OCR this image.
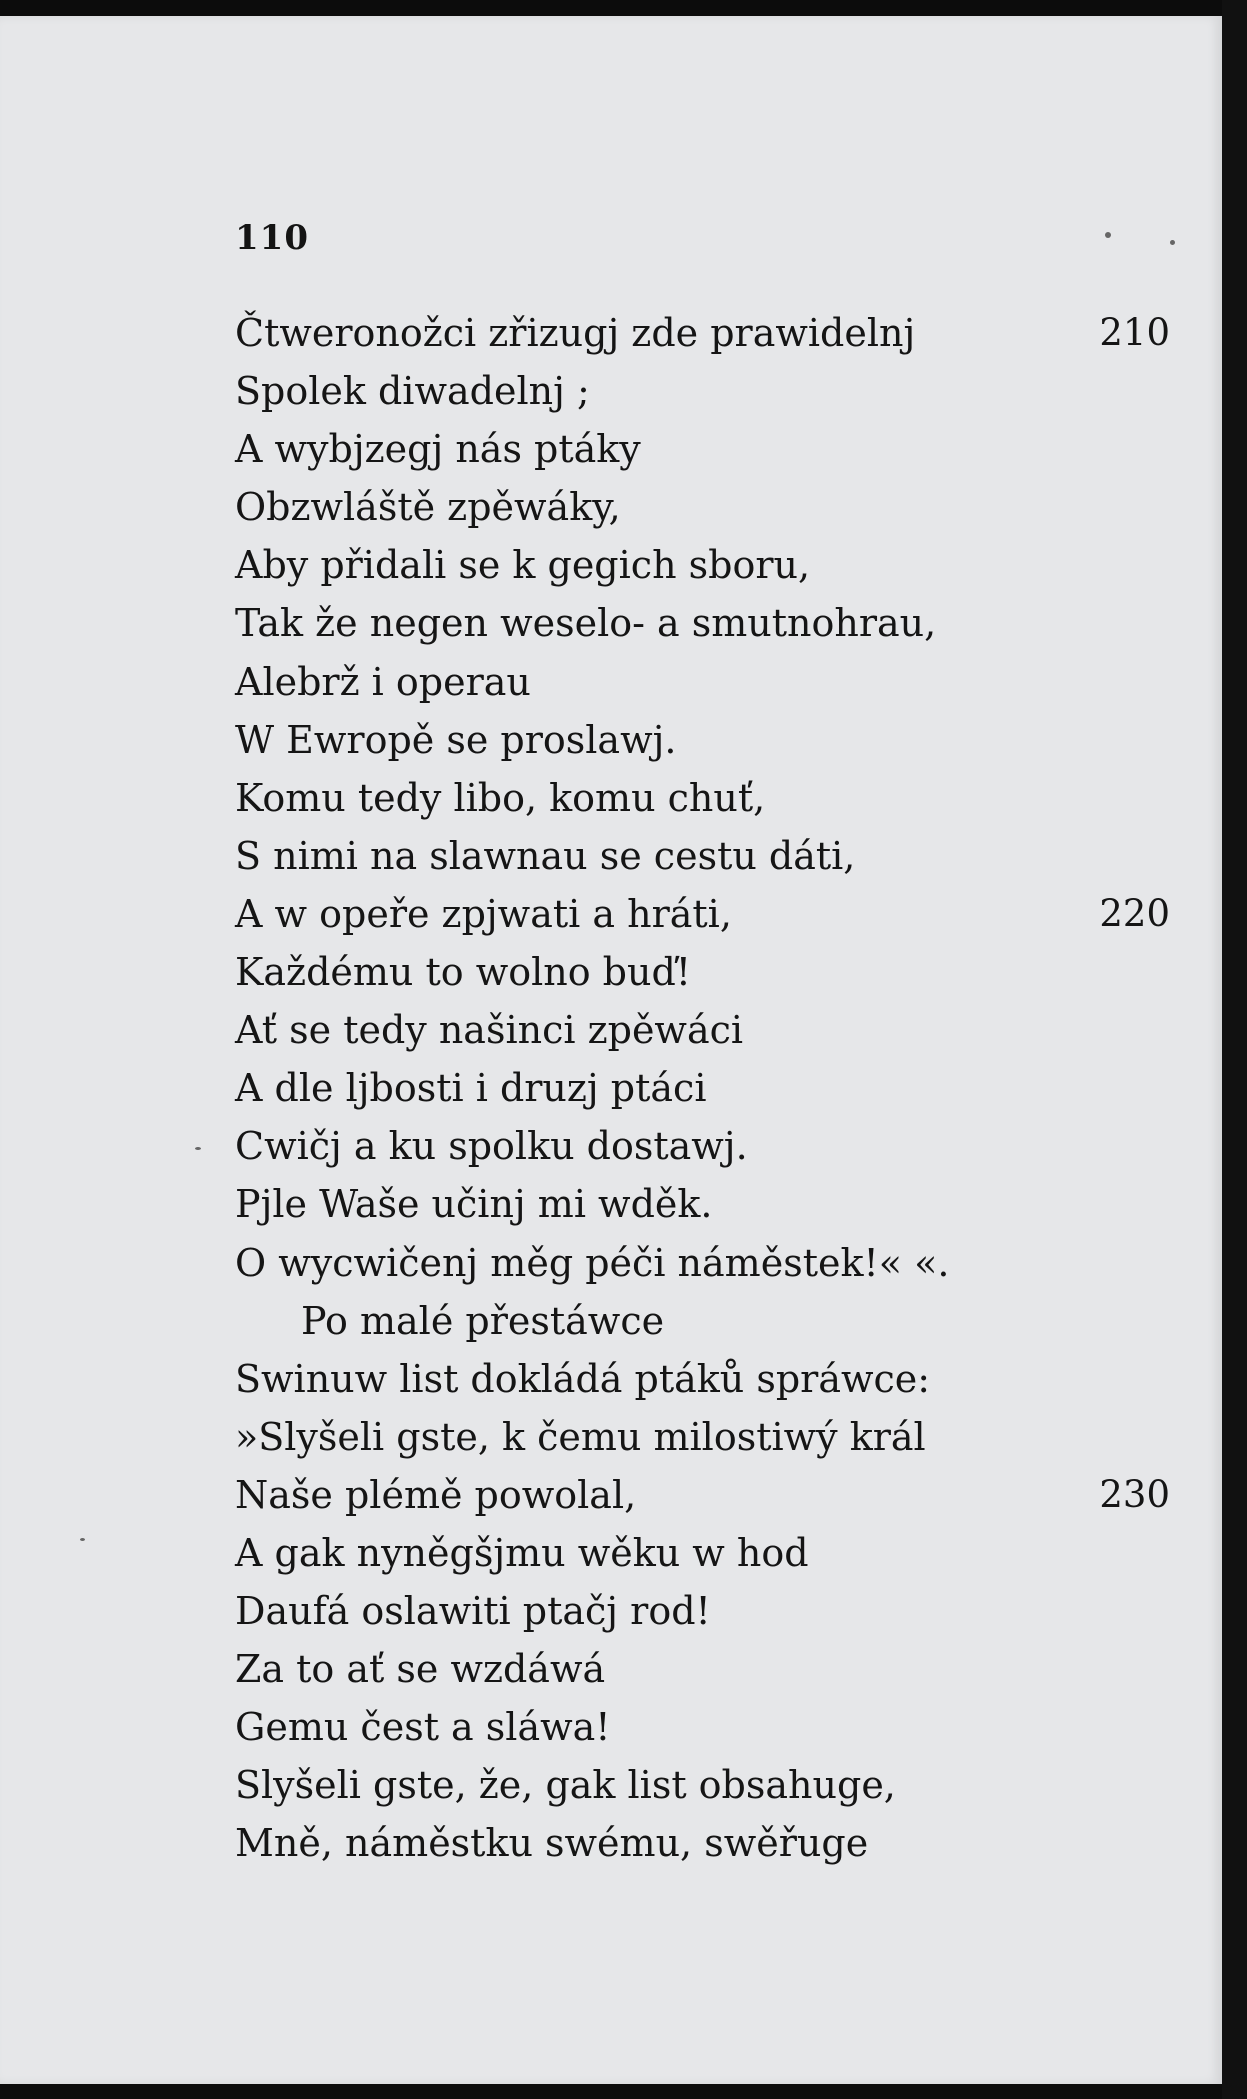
110
Čtweronožci zřizugj zde prawidelnj	210
Spolek diwadelnj ;
A wybjzegj nás ptáky
Obzwláště zpěwáky,
Aby přidali se k gegich sboru,
Tak že negen weselo- a smutnohrau,
Alebrž i operau
W Ewropě se proslawj.
Komu tedy libo, komu chuť,
S nimi na slawnau se cestu dáti,
A w opeře zpjwati a hráti,	220
Každému to wolno buď!
Ať se tedy našinci zpěwáci
A dle ljbosti i druzj ptáci
Cwičj a ku spolku dostawj.
Pjle Waše učinj mi wděk.
O wycwičenj měg péči náměstek!« «.
Po malé přestáwce
Swinuw list dokládá ptáků spráwce:
»Slyšeli gste, k čemu milostiwý král
Naše plémě powolal,	230
A gak nyněgšjmu wěku w hod
Daufá oslawiti ptačj rod!
Za to ať se wzdáwá
Gemu čest a sláwa!
Slyšeli gste, že, gak list obsahuge,
Mně, náměstku swému, swěřuge
